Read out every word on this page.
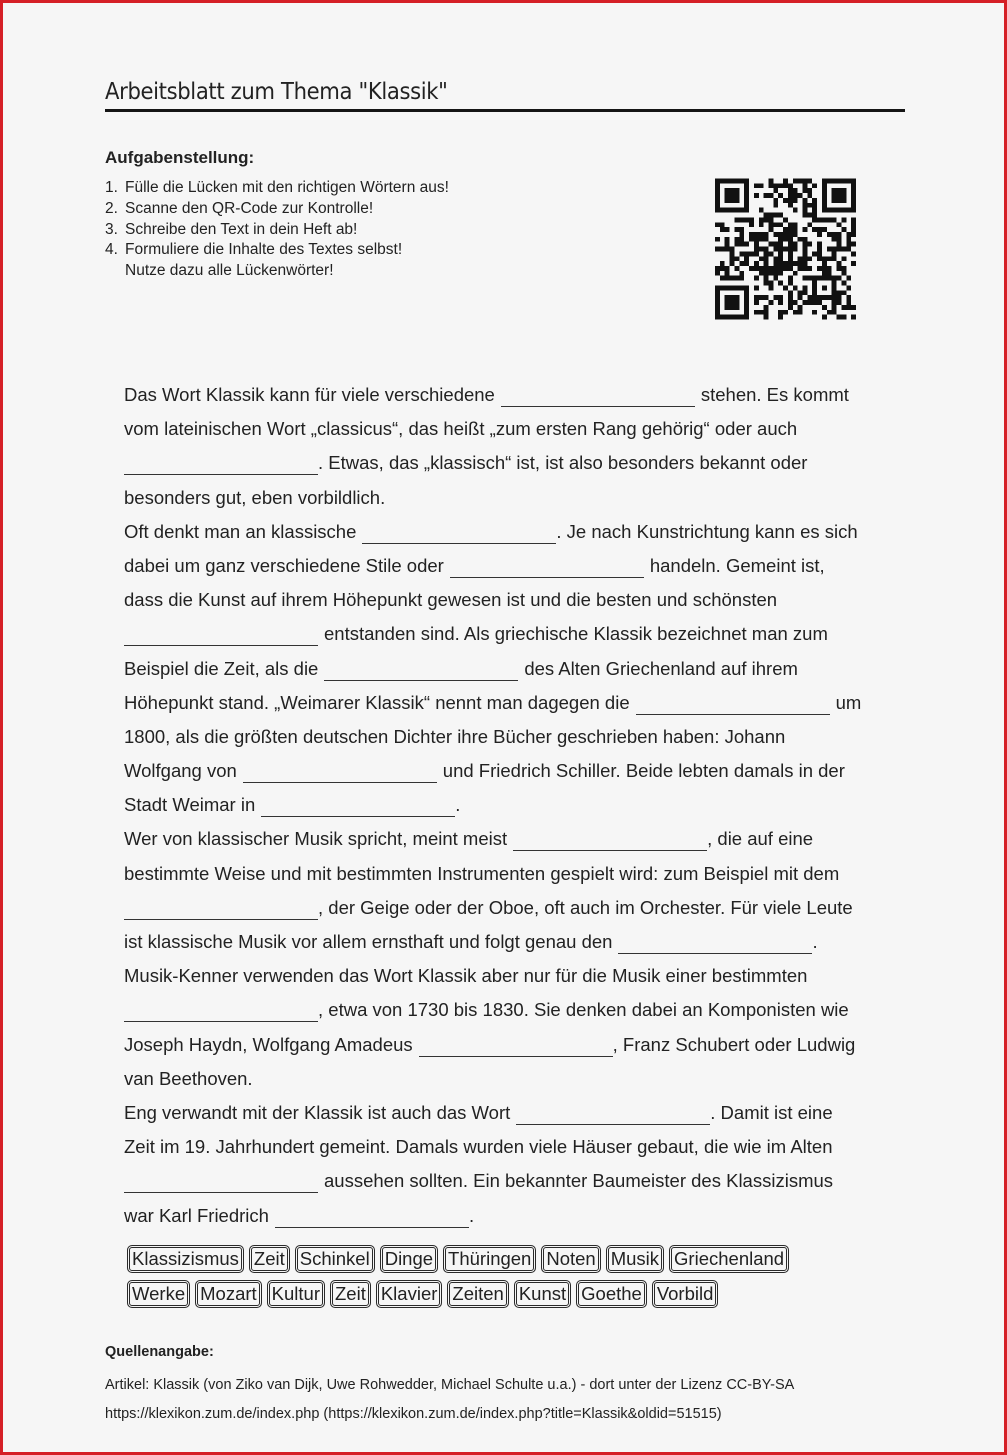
Arbeitsblatt zum Thema "Klassik"
Aufgabenstellung:
1. Fülle die Lücken mit den richtigen Wörtern aus!
2. Scanne den QR-Code zur Kontrolle!
3. Schreibe den Text in dein Heft ab!
4. Formuliere die Inhalte des Textes selbst!
Nutze dazu alle Lückenwörter!
Das Wort Klassik kann für viele verschiedene	stehen. Es kommt
vom lateinischen Wort „classicus“, das heißt „zum ersten Rang gehörig“ oder auch
. Etwas, das „klassisch“ ist, ist also besonders bekannt oder
besonders gut, eben vorbildlich.
Oft denkt man an klassische	. Je nach Kunstrichtung kann es sich
dabei um ganz verschiedene Stile oder	handeln. Gemeint ist,
dass die Kunst auf ihrem Höhepunkt gewesen ist und die besten und schönsten
entstanden sind. Als griechische Klassik bezeichnet man zum
Beispiel die Zeit, als die	des Alten Griechenland auf ihrem
Höhepunkt stand. „Weimarer Klassik“ nennt man dagegen die	um
1800, als die größten deutschen Dichter ihre Bücher geschrieben haben: Johann
Wolfgang von	und Friedrich Schiller. Beide lebten damals in der
Stadt Weimar in	.
Wer von klassischer Musik spricht, meint meist	, die auf eine
bestimmte Weise und mit bestimmten Instrumenten gespielt wird: zum Beispiel mit dem
, der Geige oder der Oboe, oft auch im Orchester. Für viele Leute
ist klassische Musik vor allem ernsthaft und folgt genau den	.
Musik-Kenner verwenden das Wort Klassik aber nur für die Musik einer bestimmten
, etwa von 1730 bis 1830. Sie denken dabei an Komponisten wie
Joseph Haydn, Wolfgang Amadeus	, Franz Schubert oder Ludwig
van Beethoven.
Eng verwandt mit der Klassik ist auch das Wort	. Damit ist eine
Zeit im 19. Jahrhundert gemeint. Damals wurden viele Häuser gebaut, die wie im Alten
aussehen sollten. Ein bekannter Baumeister des Klassizismus
war Karl Friedrich	.
Klassizismus Zeit Schinkel Dinge Thüringen Noten Musik Griechenland
Werke Mozart Kultur Zeit Klavier Zeiten Kunst Goethe Vorbild
Quellenangabe:
Artikel: Klassik (von Ziko van Dijk, Uwe Rohwedder, Michael Schulte u.a.) - dort unter der Lizenz CC-BY-SA
https://klexikon.zum.de/index.php (https://klexikon.zum.de/index.php?title=Klassik&oldid=51515)
